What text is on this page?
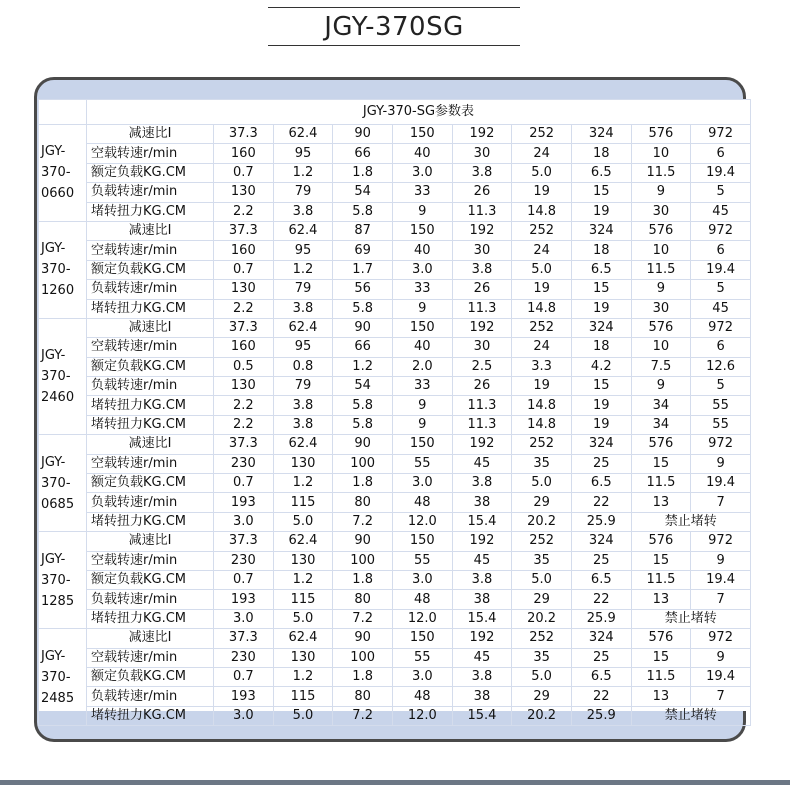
JGY-370SG
	JGY-370-SG参数表									
JGY-370-0660	减速比I	37.3	62.4	90	150	192	252	324	576	972
	空载转速r/min	160	95	66	40	30	24	18	10	6
	额定负载KG.CM	0.7	1.2	1.8	3.0	3.8	5.0	6.5	11.5	19.4
	负载转速r/min	130	79	54	33	26	19	15	9	5
	堵转扭力KG.CM	2.2	3.8	5.8	9	11.3	14.8	19	30	45
JGY-370-1260	减速比I	37.3	62.4	87	150	192	252	324	576	972
	空载转速r/min	160	95	69	40	30	24	18	10	6
	额定负载KG.CM	0.7	1.2	1.7	3.0	3.8	5.0	6.5	11.5	19.4
	负载转速r/min	130	79	56	33	26	19	15	9	5
	堵转扭力KG.CM	2.2	3.8	5.8	9	11.3	14.8	19	30	45
JGY-370-2460	减速比I	37.3	62.4	90	150	192	252	324	576	972
	空载转速r/min	160	95	66	40	30	24	18	10	6
	额定负载KG.CM	0.5	0.8	1.2	2.0	2.5	3.3	4.2	7.5	12.6
	负载转速r/min	130	79	54	33	26	19	15	9	5
	堵转扭力KG.CM	2.2	3.8	5.8	9	11.3	14.8	19	34	55
	堵转扭力KG.CM	2.2	3.8	5.8	9	11.3	14.8	19	34	55
JGY-370-0685	减速比I	37.3	62.4	90	150	192	252	324	576	972
	空载转速r/min	230	130	100	55	45	35	25	15	9
	额定负载KG.CM	0.7	1.2	1.8	3.0	3.8	5.0	6.5	11.5	19.4
	负载转速r/min	193	115	80	48	38	29	22	13	7
	堵转扭力KG.CM	3.0	5.0	7.2	12.0	15.4	20.2	25.9	禁止堵转	
JGY-370-1285	减速比I	37.3	62.4	90	150	192	252	324	576	972
	空载转速r/min	230	130	100	55	45	35	25	15	9
	额定负载KG.CM	0.7	1.2	1.8	3.0	3.8	5.0	6.5	11.5	19.4
	负载转速r/min	193	115	80	48	38	29	22	13	7
	堵转扭力KG.CM	3.0	5.0	7.2	12.0	15.4	20.2	25.9	禁止堵转	
JGY-370-2485	减速比I	37.3	62.4	90	150	192	252	324	576	972
	空载转速r/min	230	130	100	55	45	35	25	15	9
	额定负载KG.CM	0.7	1.2	1.8	3.0	3.8	5.0	6.5	11.5	19.4
	负载转速r/min	193	115	80	48	38	29	22	13	7
	堵转扭力KG.CM	3.0	5.0	7.2	12.0	15.4	20.2	25.9	禁止堵转	
